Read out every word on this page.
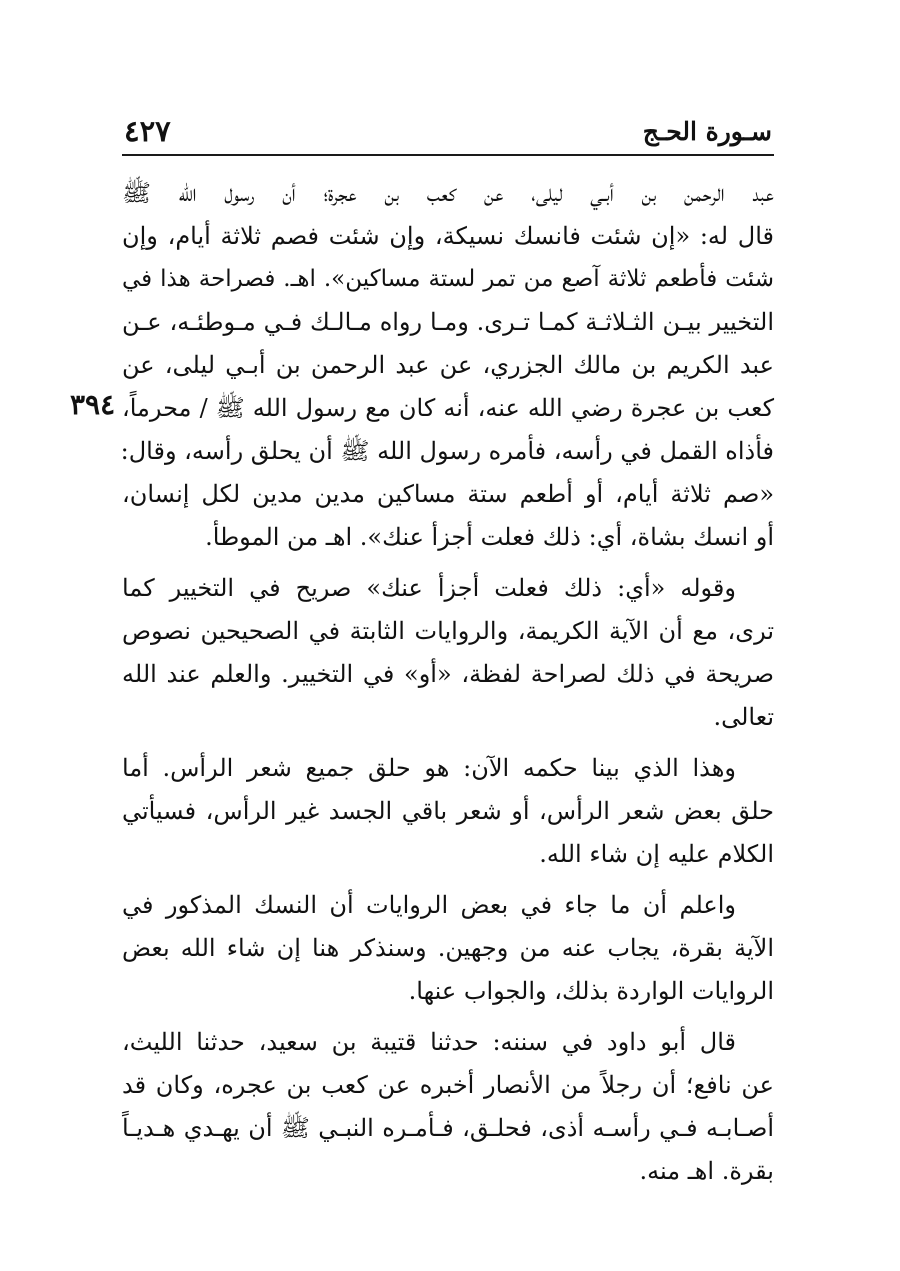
سـورة الحـج
٤٢٧
٣٩٤
عبد الرحمن بن أبـي ليلى، عن كعب بن عجرة؛ أن رسول الله ﷺ
قال له: «إن شئت فانسك نسيكة، وإن شئت فصم ثلاثة أيام، وإن
شئت فأطعم ثلاثة آصع من تمر لستة مساكين». اهـ. فصراحة هذا في
التخيير بيـن الثـلاثـة كمـا تـرى. ومـا رواه مـالـك فـي مـوطئـه، عـن
عبد الكريم بن مالك الجزري، عن عبد الرحمن بن أبـي ليلى، عن
كعب بن عجرة رضي الله عنه، أنه كان مع رسول الله ﷺ / محرماً،
فأذاه القمل في رأسه، فأمره رسول الله ﷺ أن يحلق رأسه، وقال:
«صم ثلاثة أيام، أو أطعم ستة مساكين مدين مدين لكل إنسان،
أو انسك بشاة، أي: ذلك فعلت أجزأ عنك». اهـ من الموطأ.
وقوله «أي: ذلك فعلت أجزأ عنك» صريح في التخيير كما
ترى، مع أن الآية الكريمة، والروايات الثابتة في الصحيحين نصوص
صريحة في ذلك لصراحة لفظة، «أو» في التخيير. والعلم عند الله
تعالى.
وهذا الذي بينا حكمه الآن: هو حلق جميع شعر الرأس. أما
حلق بعض شعر الرأس، أو شعر باقي الجسد غير الرأس، فسيأتي
الكلام عليه إن شاء الله.
واعلم أن ما جاء في بعض الروايات أن النسك المذكور في
الآية بقرة، يجاب عنه من وجهين. وسنذكر هنا إن شاء الله بعض
الروايات الواردة بذلك، والجواب عنها.
قال أبو داود في سننه: حدثنا قتيبة بن سعيد، حدثنا الليث،
عن نافع؛ أن رجلاً من الأنصار أخبره عن كعب بن عجره، وكان قد
أصـابـه فـي رأسـه أذى، فحلـق، فـأمـره النبـي ﷺ أن يهـدي هـديـاً
بقرة. اهـ منه.
